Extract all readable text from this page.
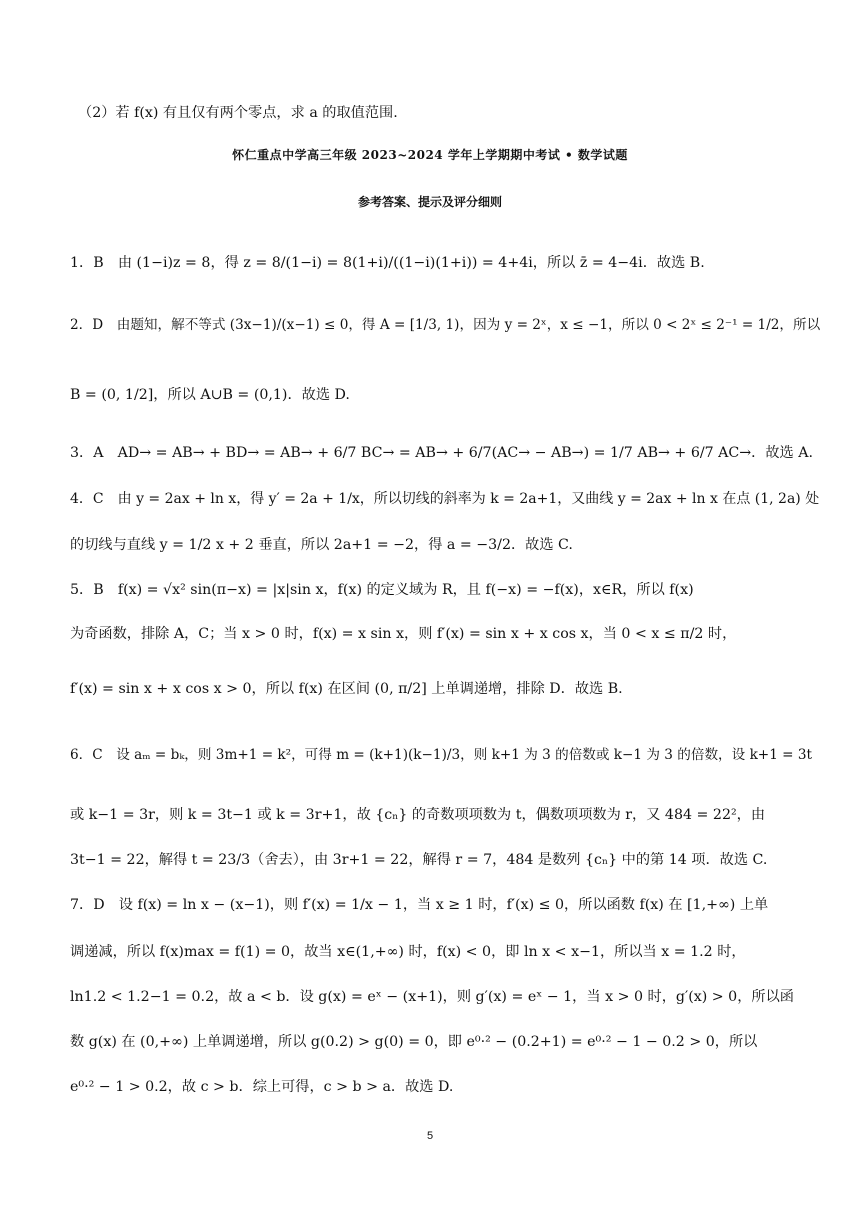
（2）若 f(x) 有且仅有两个零点，求 a 的取值范围.
怀仁重点中学高三年级 2023~2024 学年上学期期中考试 • 数学试题
参考答案、提示及评分细则
1．B　由 (1−i)z = 8，得 z = 8/(1−i) = 8(1+i)/((1−i)(1+i)) = 4+4i，所以 z̄ = 4−4i．故选 B.
2．D　由题知，解不等式 (3x−1)/(x−1) ≤ 0，得 A = [1/3, 1)，因为 y = 2ˣ，x ≤ −1，所以 0 < 2ˣ ≤ 2⁻¹ = 1/2，所以
B = (0, 1/2]，所以 A∪B = (0,1)．故选 D.
3．A　AD→ = AB→ + BD→ = AB→ + 6/7 BC→ = AB→ + 6/7(AC→ − AB→) = 1/7 AB→ + 6/7 AC→．故选 A.
4．C　由 y = 2ax + ln x，得 y′ = 2a + 1/x，所以切线的斜率为 k = 2a+1，又曲线 y = 2ax + ln x 在点 (1, 2a) 处
的切线与直线 y = 1/2 x + 2 垂直，所以 2a+1 = −2，得 a = −3/2．故选 C.
5．B　f(x) = √x² sin(π−x) = |x|sin x，f(x) 的定义域为 R，且 f(−x) = −f(x)，x∈R，所以 f(x)
为奇函数，排除 A，C；当 x > 0 时，f(x) = x sin x，则 f′(x) = sin x + x cos x，当 0 < x ≤ π/2 时，
f′(x) = sin x + x cos x > 0，所以 f(x) 在区间 (0, π/2] 上单调递增，排除 D．故选 B.
6．C　设 aₘ = bₖ，则 3m+1 = k²，可得 m = (k+1)(k−1)/3，则 k+1 为 3 的倍数或 k−1 为 3 的倍数，设 k+1 = 3t
或 k−1 = 3r，则 k = 3t−1 或 k = 3r+1，故 {cₙ} 的奇数项项数为 t，偶数项项数为 r，又 484 = 22²，由
3t−1 = 22，解得 t = 23/3（舍去），由 3r+1 = 22，解得 r = 7，484 是数列 {cₙ} 中的第 14 项．故选 C.
7．D　设 f(x) = ln x − (x−1)，则 f′(x) = 1/x − 1，当 x ≥ 1 时，f′(x) ≤ 0，所以函数 f(x) 在 [1,+∞) 上单
调递减，所以 f(x)max = f(1) = 0，故当 x∈(1,+∞) 时，f(x) < 0，即 ln x < x−1，所以当 x = 1.2 时，
ln1.2 < 1.2−1 = 0.2，故 a < b．设 g(x) = eˣ − (x+1)，则 g′(x) = eˣ − 1，当 x > 0 时，g′(x) > 0，所以函
数 g(x) 在 (0,+∞) 上单调递增，所以 g(0.2) > g(0) = 0，即 e⁰·² − (0.2+1) = e⁰·² − 1 − 0.2 > 0，所以
e⁰·² − 1 > 0.2，故 c > b．综上可得，c > b > a．故选 D.
5
